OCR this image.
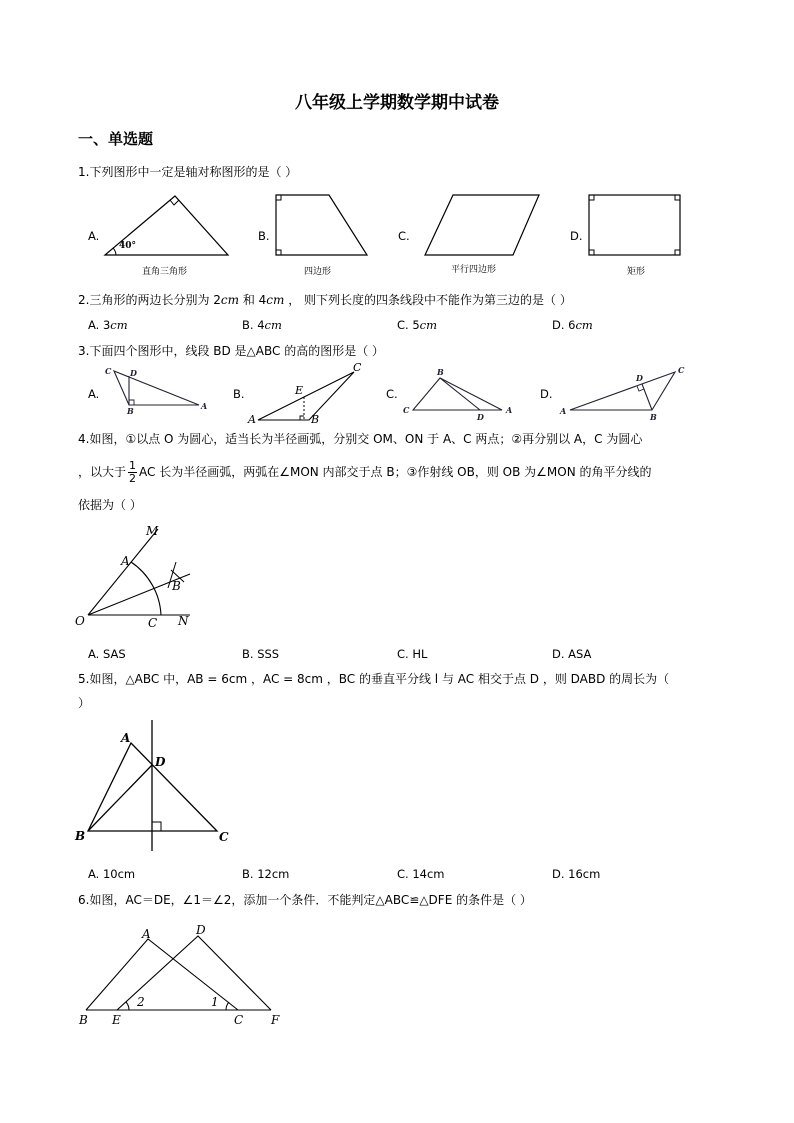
八年级上学期数学期中试卷
一、单选题
1.下列图形中一定是轴对称图形的是（ ）
A.	B.	C.	D.
40°
直角三角形	四边形	平行四边形	矩形
2.三角形的两边长分别为 2cm 和 4cm ， 则下列长度的四条线段中不能作为第三边的是（ ）
A. 3cm	B. 4cm	C. 5cm	D. 6cm
3.下面四个图形中，线段 BD 是△ABC 的高的图形是（ ）
A.	B.	C.	D.
C D
B	A
A
E
C
B
B
C
D
A	A
D
C
B
4.如图，①以点 O 为圆心，适当长为半径画弧，分别交 OM、ON 于 A、C 两点；②再分别以 A，C 为圆心
，以大于 $\frac{1}{2}$ AC 长为半径画弧，两弧在∠MON 内部交于点 B；③作射线 OB，则 OB 为∠MON 的角平分线的
依据为（ ）
M
A
B
O	C N
A. SAS	B. SSS	C. HL	D. ASA
5.如图，△ABC 中，AB = 6cm ，AC = 8cm ，BC 的垂直平分线 l 与 AC 相交于点 D ，则 DABD 的周长为（
）
A
D
B	C
A. 10cm	B. 12cm	C. 14cm	D. 16cm
6.如图，AC＝DE，∠1＝∠2，添加一个条件．不能判定△ABC≌△DFE 的条件是（ ）
A	D
B E	C F
2	1
